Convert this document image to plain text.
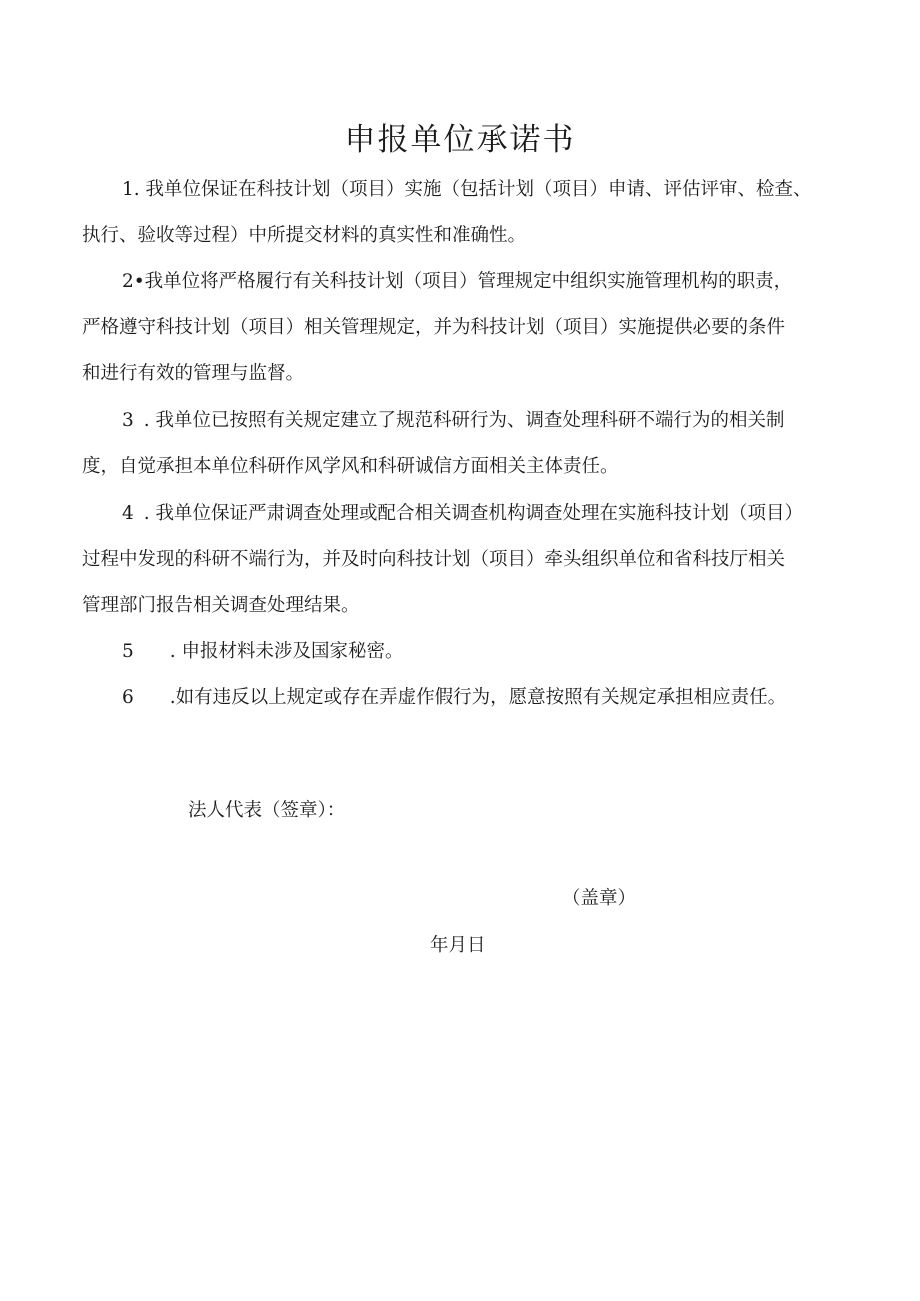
申报单位承诺书
1. 我单位保证在科技计划（项目）实施（包括计划（项目）申请、评估评审、检查、
执行、验收等过程）中所提交材料的真实性和准确性。
2•我单位将严格履行有关科技计划（项目）管理规定中组织实施管理机构的职责，
严格遵守科技计划（项目）相关管理规定，并为科技计划（项目）实施提供必要的条件
和进行有效的管理与监督。
3 . 我单位已按照有关规定建立了规范科研行为、调查处理科研不端行为的相关制
度，自觉承担本单位科研作风学风和科研诚信方面相关主体责任。
4 . 我单位保证严肃调查处理或配合相关调查机构调查处理在实施科技计划（项目）
过程中发现的科研不端行为，并及时向科技计划（项目）牵头组织单位和省科技厅相关
管理部门报告相关调查处理结果。
5 . 申报材料未涉及国家秘密。
6 .如有违反以上规定或存在弄虚作假行为，愿意按照有关规定承担相应责任。
法人代表（签章）：
（盖章）
年月日
